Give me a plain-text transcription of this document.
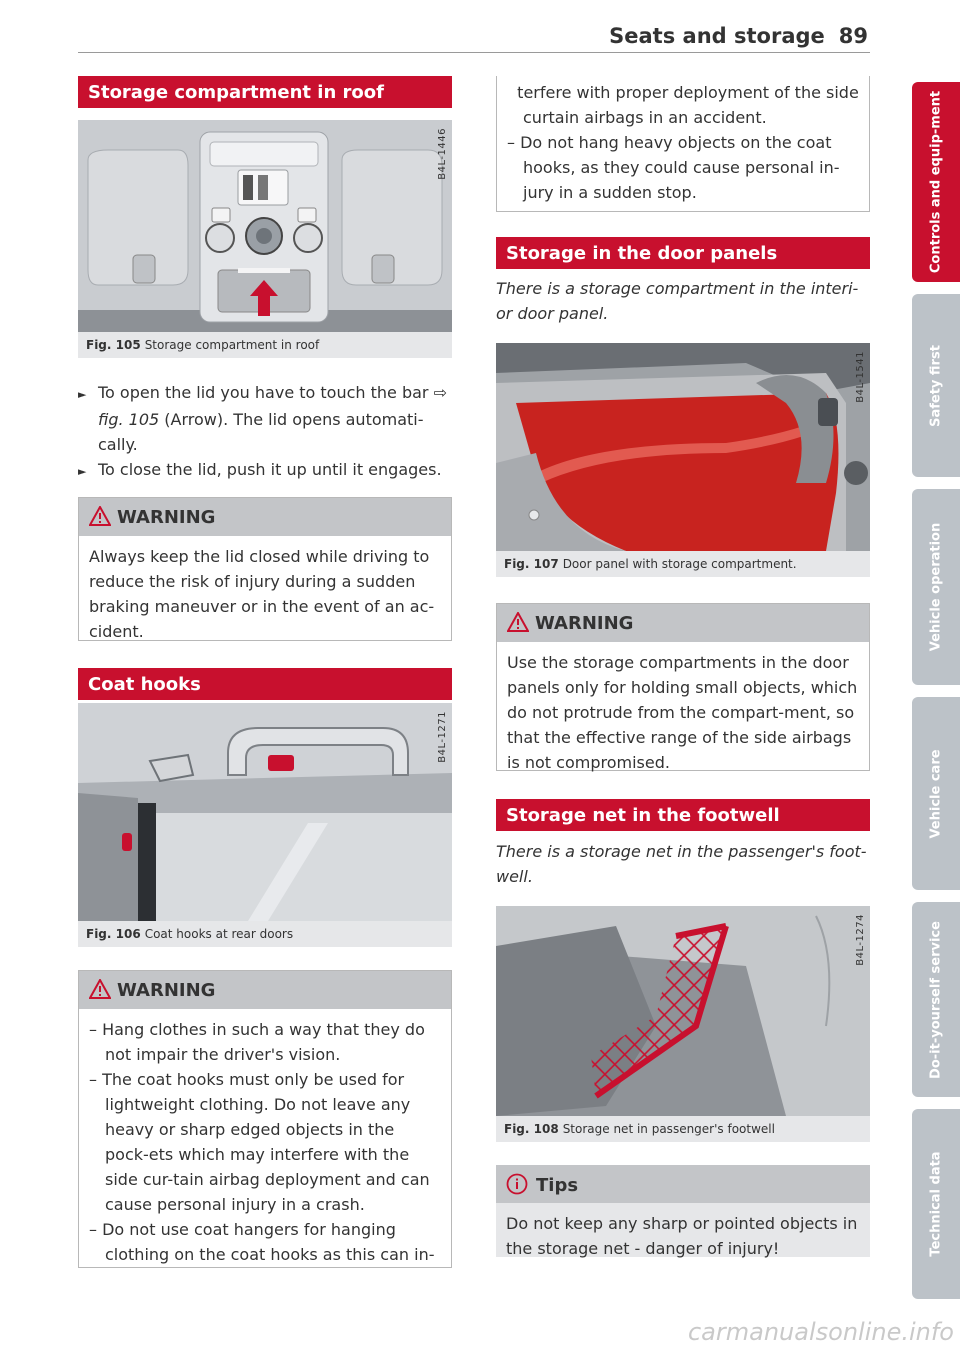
Seats and storage 89
Storage compartment in roof
B4L-1446
Fig. 105 Storage compartment in roof
► To open the lid you have to touch the bar ⇨ fig. 105 (Arrow). The lid opens automati-cally.
► To close the lid, push it up until it engages.
WARNING
Always keep the lid closed while driving to reduce the risk of injury during a sudden braking maneuver or in the event of an ac-cident.
Coat hooks
B4L-1271
Fig. 106 Coat hooks at rear doors
WARNING
– Hang clothes in such a way that they do not impair the driver's vision.
– The coat hooks must only be used for lightweight clothing. Do not leave any heavy or sharp edged objects in the pock-ets which may interfere with the side cur-tain airbag deployment and can cause personal injury in a crash.
– Do not use coat hangers for hanging clothing on the coat hooks as this can in-
terfere with proper deployment of the side curtain airbags in an accident.
– Do not hang heavy objects on the coat hooks, as they could cause personal in-jury in a sudden stop.
Storage in the door panels
There is a storage compartment in the interi-or door panel.
B4L-1541
Fig. 107 Door panel with storage compartment.
WARNING
Use the storage compartments in the door panels only for holding small objects, which do not protrude from the compart-ment, so that the effective range of the side airbags is not compromised.
Storage net in the footwell
There is a storage net in the passenger's foot-well.
B4L-1274
Fig. 108 Storage net in passenger's footwell
Tips
Do not keep any sharp or pointed objects in the storage net - danger of injury!
Controls and equip-ment
Safety first
Vehicle operation
Vehicle care
Do-it-yourself service
Technical data
carmanualsonline.info
